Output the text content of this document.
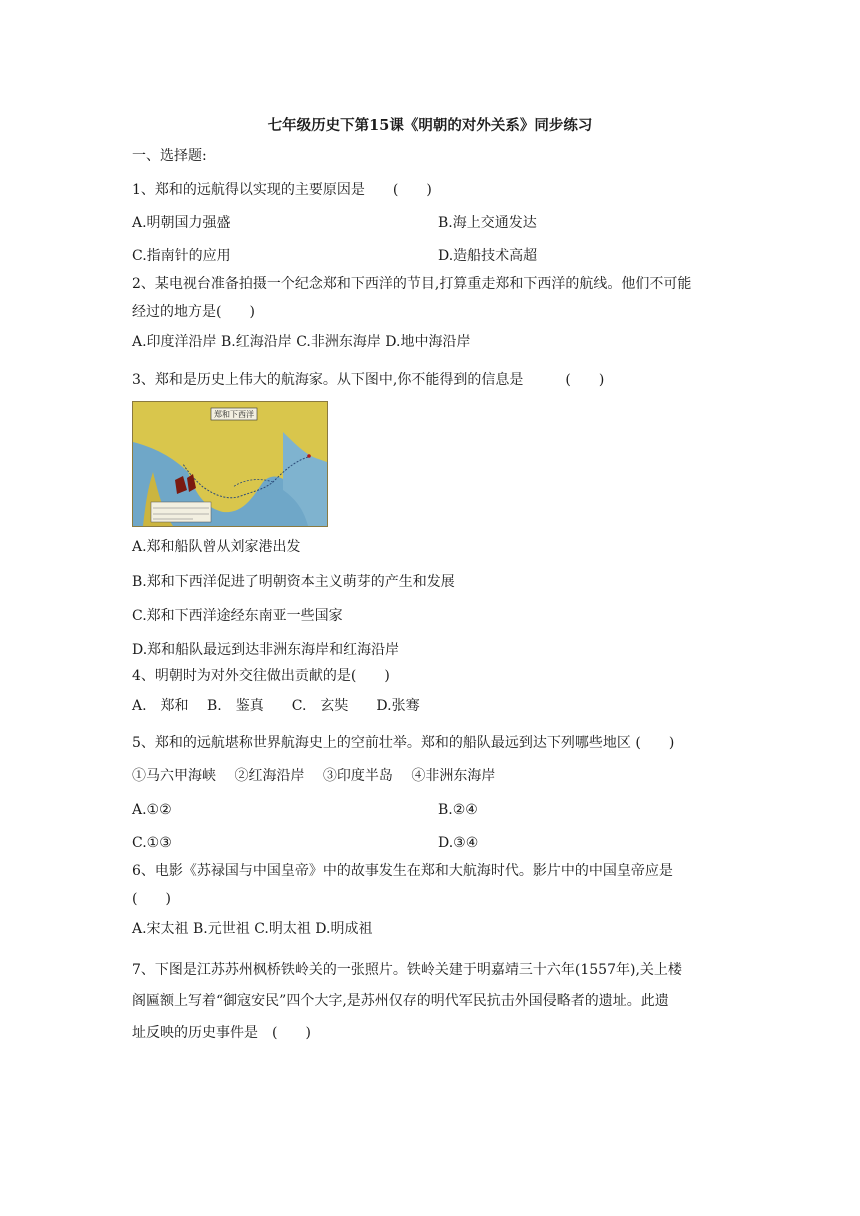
七年级历史下第15课《明朝的对外关系》同步练习
一、选择题:
1、郑和的远航得以实现的主要原因是　　(　　)
A.明朝国力强盛	B.海上交通发达
C.指南针的应用	D.造船技术高超
2、某电视台准备拍摄一个纪念郑和下西洋的节目,打算重走郑和下西洋的航线。他们不可能
经过的地方是(　　)
A.印度洋沿岸 B.红海沿岸 C.非洲东海岸 D.地中海沿岸
3、郑和是历史上伟大的航海家。从下图中,你不能得到的信息是　　　(　　)
郑和下西洋
A.郑和船队曾从刘家港出发
B.郑和下西洋促进了明朝资本主义萌芽的产生和发展
C.郑和下西洋途经东南亚一些国家
D.郑和船队最远到达非洲东海岸和红海沿岸
4、明朝时为对外交往做出贡献的是(　　)
A.　郑和　 B.　鉴真　　C.　玄奘　　D.张骞
5、郑和的远航堪称世界航海史上的空前壮举。郑和的船队最远到达下列哪些地区 (　　)
①马六甲海峡　 ②红海沿岸　 ③印度半岛　 ④非洲东海岸
A.①②	B.②④
C.①③	D.③④
6、电影《苏禄国与中国皇帝》中的故事发生在郑和大航海时代。影片中的中国皇帝应是
(　　)
A.宋太祖 B.元世祖 C.明太祖 D.明成祖
7、下图是江苏苏州枫桥铁岭关的一张照片。铁岭关建于明嘉靖三十六年(1557年),关上楼
阁匾额上写着“御寇安民”四个大字,是苏州仅存的明代军民抗击外国侵略者的遗址。此遗
址反映的历史事件是　(　　)
